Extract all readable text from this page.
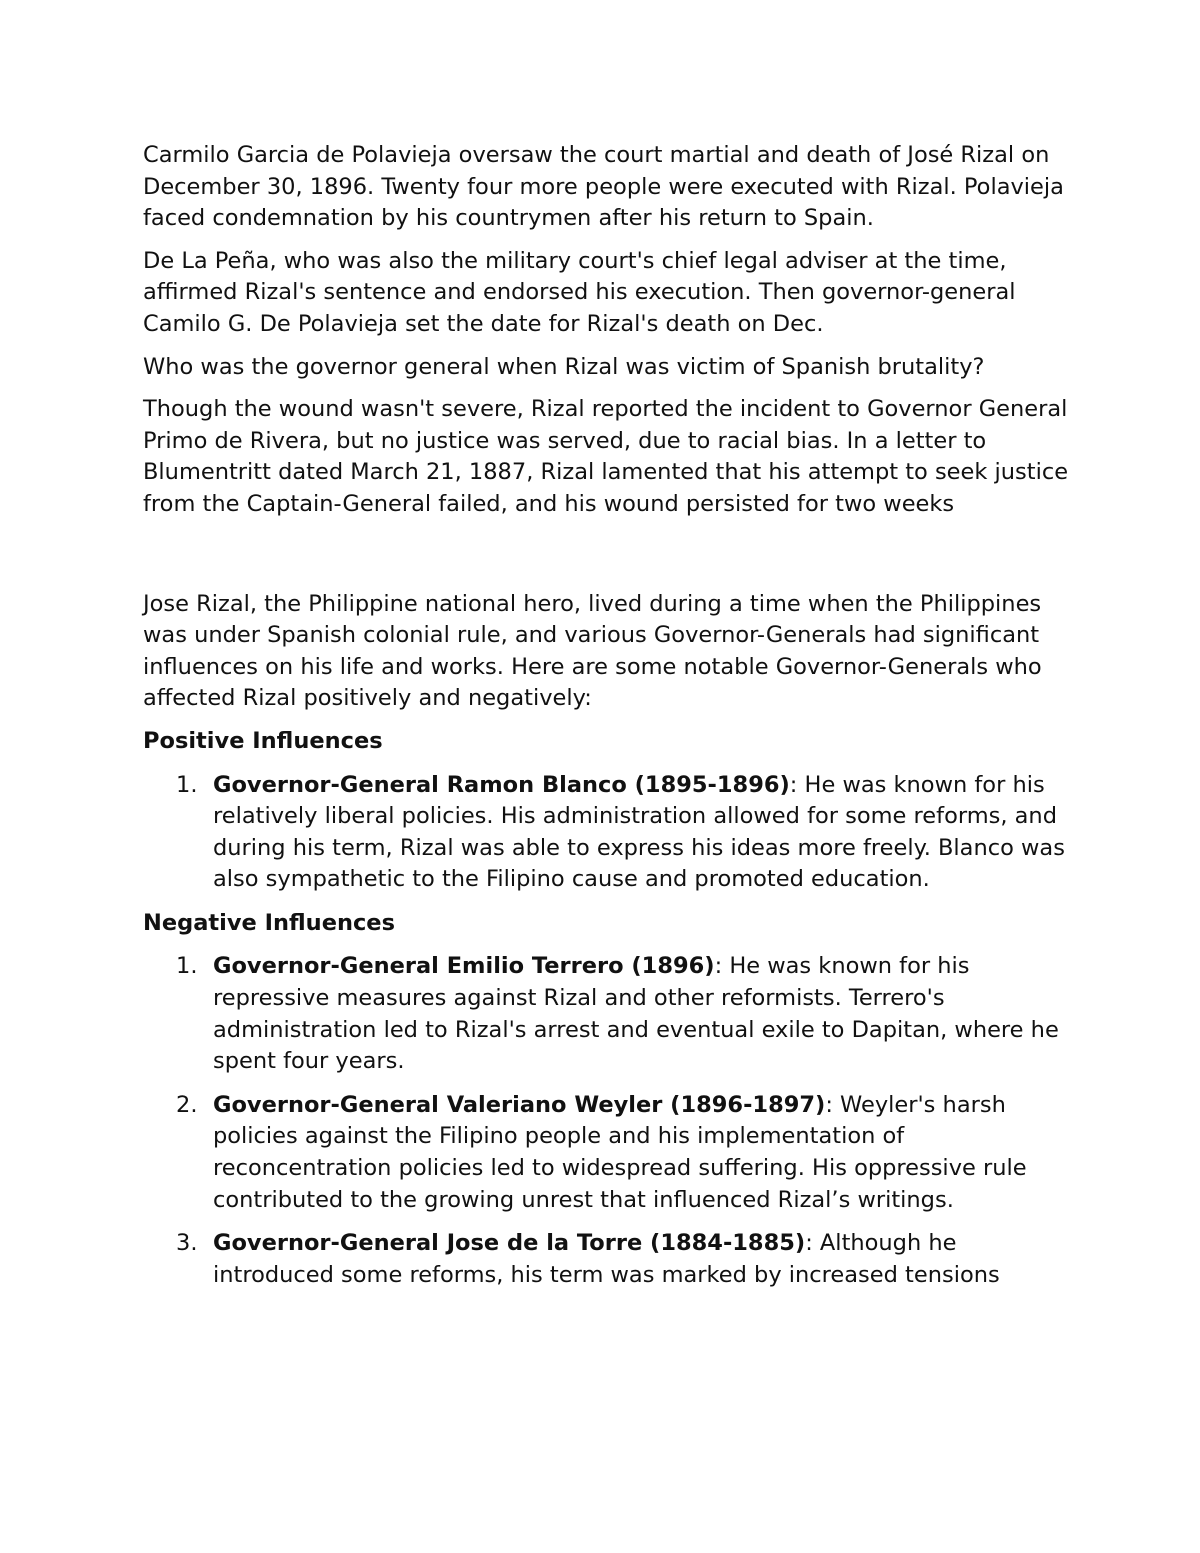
Carmilo Garcia de Polavieja oversaw the court martial and death of José Rizal on December 30, 1896. Twenty four more people were executed with Rizal. Polavieja faced condemnation by his countrymen after his return to Spain.

De La Peña, who was also the military court's chief legal adviser at the time, affirmed Rizal's sentence and endorsed his execution. Then governor-general Camilo G. De Polavieja set the date for Rizal's death on Dec.

Who was the governor general when Rizal was victim of Spanish brutality?

Though the wound wasn't severe, Rizal reported the incident to Governor General Primo de Rivera, but no justice was served, due to racial bias. In a letter to Blumentritt dated March 21, 1887, Rizal lamented that his attempt to seek justice from the Captain-General failed, and his wound persisted for two weeks

Jose Rizal, the Philippine national hero, lived during a time when the Philippines was under Spanish colonial rule, and various Governor-Generals had significant influences on his life and works. Here are some notable Governor-Generals who affected Rizal positively and negatively:

Positive Influences
1. Governor-General Ramon Blanco (1895-1896): He was known for his relatively liberal policies. His administration allowed for some reforms, and during his term, Rizal was able to express his ideas more freely. Blanco was also sympathetic to the Filipino cause and promoted education.
Negative Influences
1. Governor-General Emilio Terrero (1896): He was known for his repressive measures against Rizal and other reformists. Terrero's administration led to Rizal's arrest and eventual exile to Dapitan, where he spent four years.
2. Governor-General Valeriano Weyler (1896-1897): Weyler's harsh policies against the Filipino people and his implementation of reconcentration policies led to widespread suffering. His oppressive rule contributed to the growing unrest that influenced Rizal’s writings.
3. Governor-General Jose de la Torre (1884-1885): Although he introduced some reforms, his term was marked by increased tensions
